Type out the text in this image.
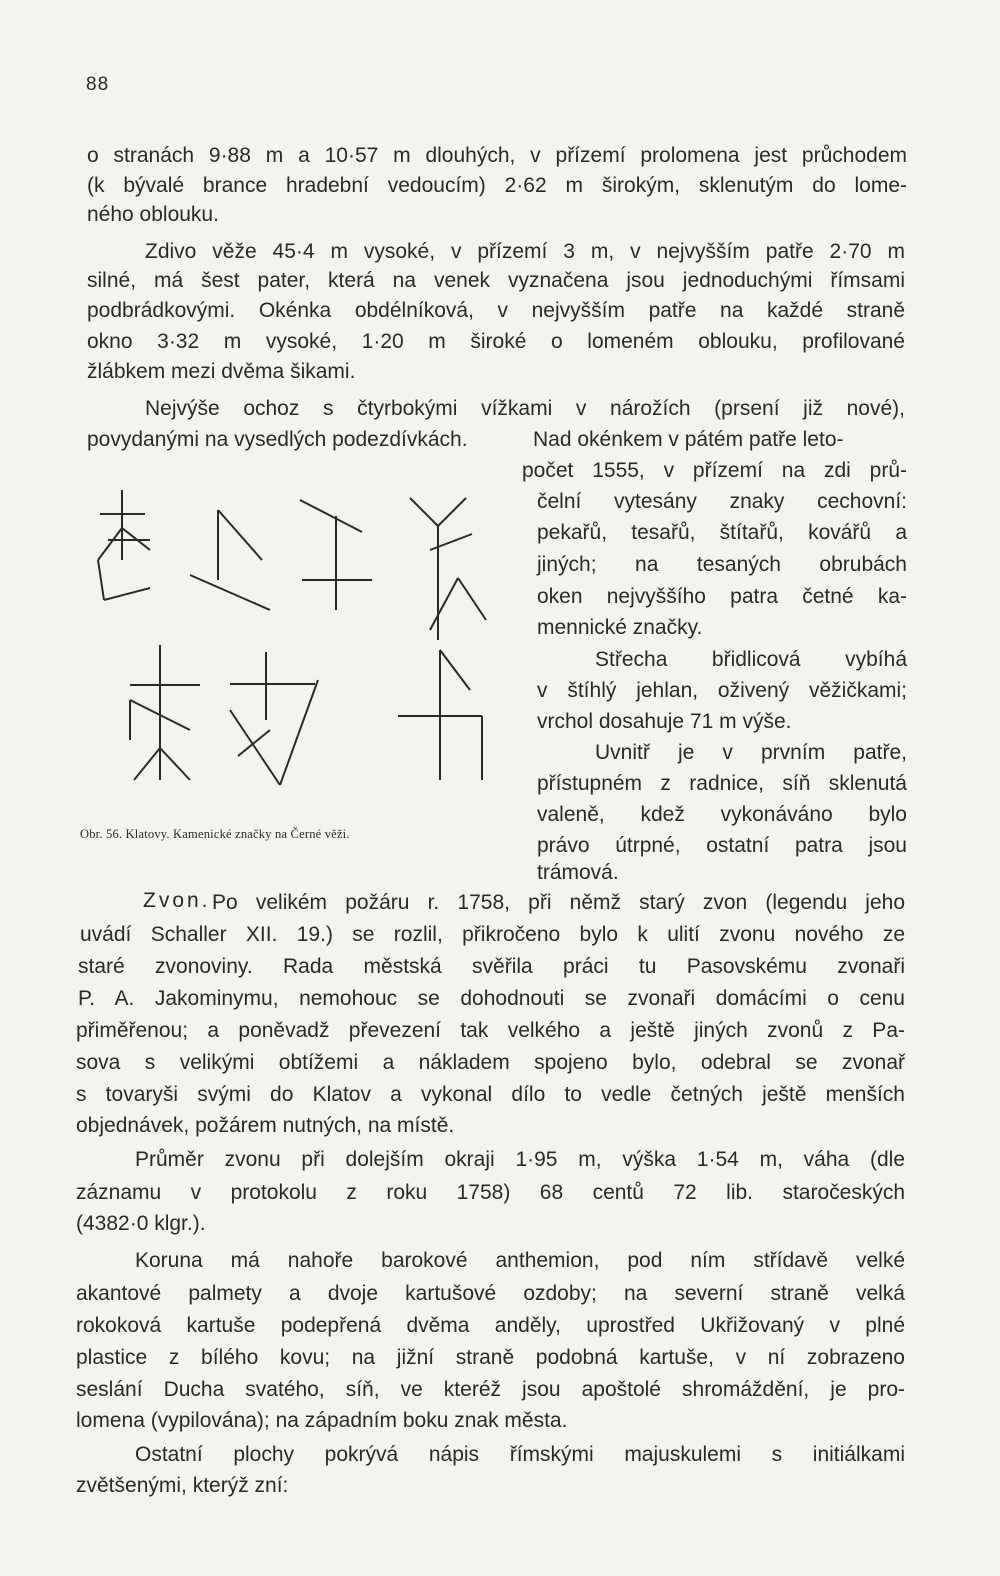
88
o stranách 9·88 m a 10·57 m dlouhých, v přízemí prolomena jest průchodem
(k bývalé brance hradební vedoucím) 2·62 m širokým, sklenutým do lome-
ného oblouku.
Zdivo věže 45·4 m vysoké, v přízemí 3 m, v nejvyšším patře 2·70 m
silné, má šest pater, která na venek vyznačena jsou jednoduchými římsami
podbrádkovými. Okénka obdélníková, v nejvyšším patře na každé straně
okno 3·32 m vysoké, 1·20 m široké o lomeném oblouku, profilované
žlábkem mezi dvěma šikami.
Nejvýše ochoz s čtyrbokými vížkami v nárožích (prsení již nové),
povydanými na vysedlých podezdívkách.	Nad okénkem v pátém patře leto-
počet 1555, v přízemí na zdi prů-
čelní vytesány znaky cechovní:
pekařů, tesařů, štítařů, kovářů a
jiných; na tesaných obrubách
oken nejvyššího patra četné ka-
mennické značky.
Střecha břidlicová vybíhá
v štíhlý jehlan, oživený věžičkami;
vrchol dosahuje 71 m výše.
Uvnitř je v prvním patře,
přístupném z radnice, síň sklenutá
valeně, kdež vykonáváno bylo
právo útrpné, ostatní patra jsou
trámová.
Obr. 56. Klatovy. Kamenické značky na Černé věži.
Zvon. Po velikém požáru r. 1758, při němž starý zvon (legendu jeho
uvádí Schaller XII. 19.) se rozlil, přikročeno bylo k ulití zvonu nového ze
staré zvonoviny. Rada městská svěřila práci tu Pasovskému zvonaři
P. A. Jakominymu, nemohouc se dohodnouti se zvonaři domácími o cenu
přiměřenou; a poněvadž převezení tak velkého a ještě jiných zvonů z Pa-
sova s velikými obtížemi a nákladem spojeno bylo, odebral se zvonař
s tovaryši svými do Klatov a vykonal dílo to vedle četných ještě menších
objednávek, požárem nutných, na místě.
Průměr zvonu při dolejším okraji 1·95 m, výška 1·54 m, váha (dle
záznamu v protokolu z roku 1758) 68 centů 72 lib. staročeských
(4382·0 klgr.).
Koruna má nahoře barokové anthemion, pod ním střídavě velké
akantové palmety a dvoje kartušové ozdoby; na severní straně velká
rokoková kartuše podepřená dvěma anděly, uprostřed Ukřižovaný v plné
plastice z bílého kovu; na jižní straně podobná kartuše, v ní zobrazeno
seslání Ducha svatého, síň, ve kteréž jsou apoštolé shromáždění, je pro-
lomena (vypilována); na západním boku znak města.
Ostatní plochy pokrývá nápis římskými majuskulemi s initiálkami
zvětšenými, kterýž zní:
